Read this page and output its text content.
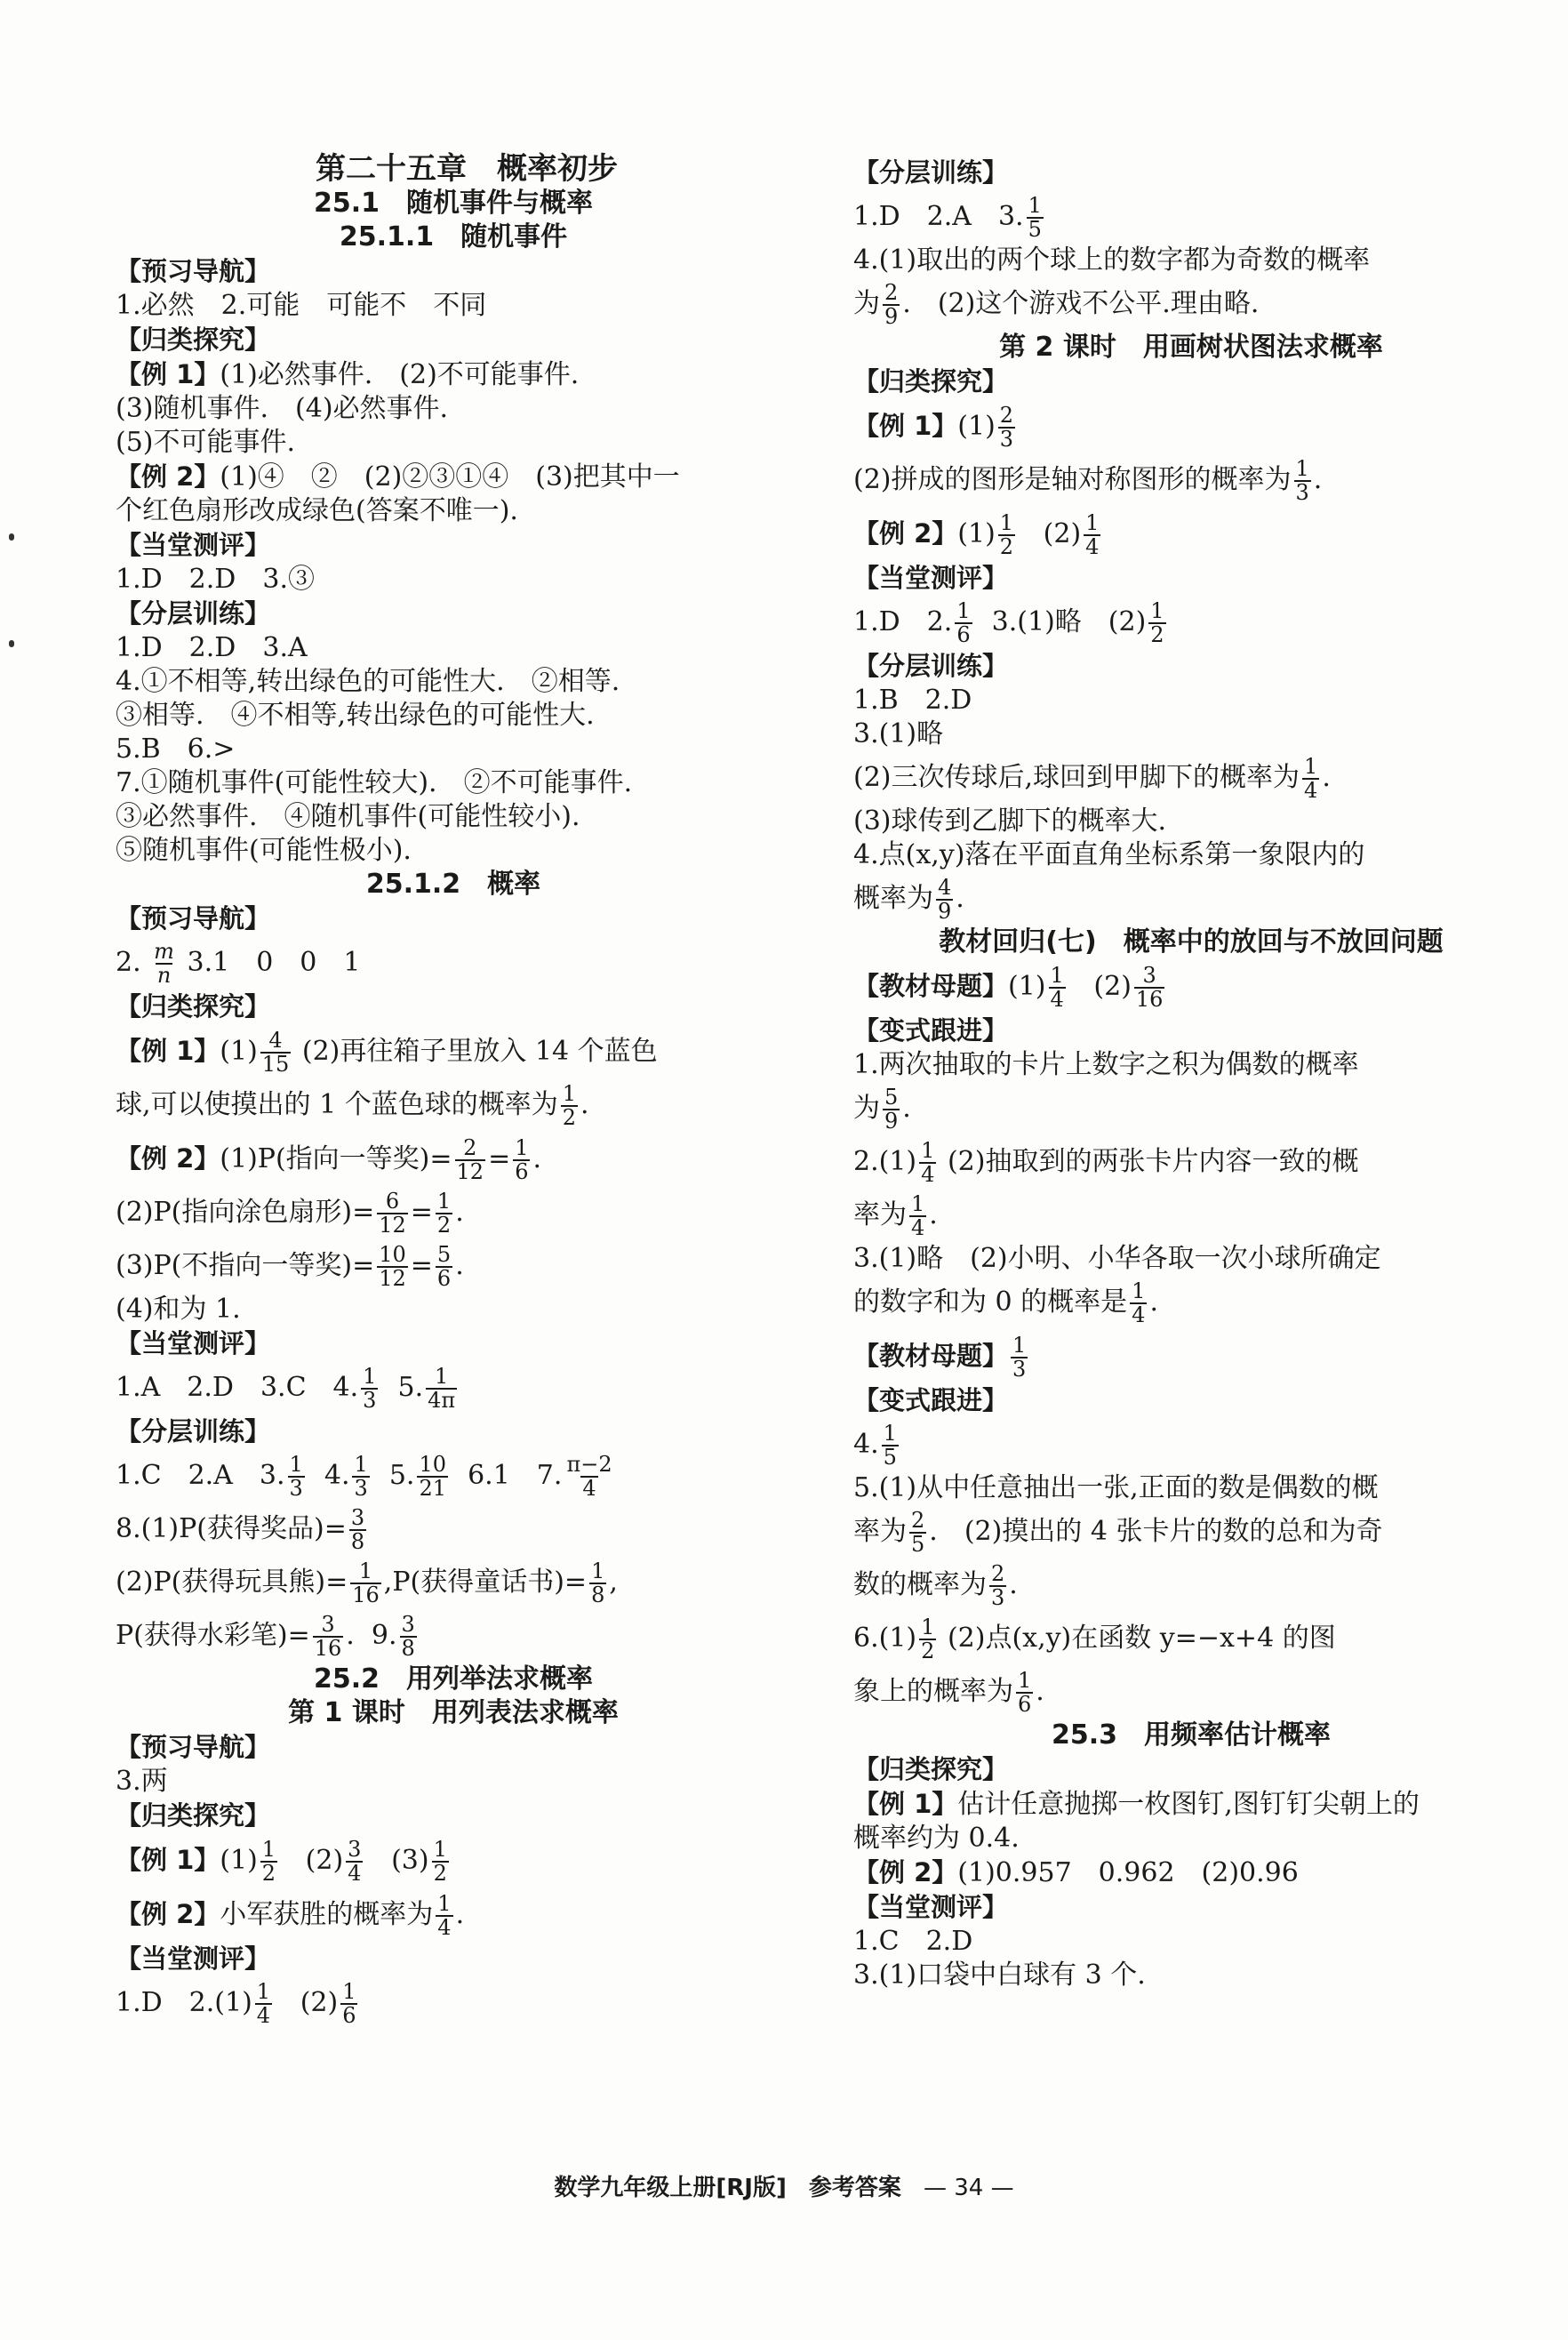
第二十五章　概率初步
25.1　随机事件与概率
25.1.1　随机事件
【预习导航】
1.必然　2.可能　可能不　不同
【归类探究】
【例 1】(1)必然事件.　(2)不可能事件.
(3)随机事件.　(4)必然事件.
(5)不可能事件.
【例 2】(1)④　②　(2)②③①④　(3)把其中一
个红色扇形改成绿色(答案不唯一).
【当堂测评】
1.D　2.D　3.③
【分层训练】
1.D　2.D　3.A
4.①不相等,转出绿色的可能性大.　②相等.
③相等.　④不相等,转出绿色的可能性大.
5.B　6.>
7.①随机事件(可能性较大).　②不可能事件.
③必然事件.　④随机事件(可能性较小).
⑤随机事件(可能性极小).
25.1.2　概率
【预习导航】
2. $\frac{m}{n} 3.1$　0　0　1
【归类探究】
【例 1】$(1) \frac{4}{15} (2)$再往箱子里放入 14 个蓝色
球,可以使摸出的 1 个蓝色球的概率为 $\frac{1}{2}$ .
【例 2】(1)P(指向一等奖)= $\frac{2}{12} = \frac{1}{6}$ .
(2)P(指向涂色扇形)= $\frac{6}{12} = \frac{1}{2}$ .
(3)P(不指向一等奖)= $\frac{10}{12} = \frac{5}{6}$ .
(4)和为 1.
【当堂测评】
1.A　2.D　3.C　4. $\frac{1}{3} 5$. $\frac{1}{4\pi}$
【分层训练】
1.C　2.A　3. $\frac{1}{3} 4$. $\frac{1}{3} 5$. $\frac{10}{21} 6.1$　7. $\frac{\pi-2}{4}$
8.(1)P(获得奖品)= $\frac{3}{8}$
(2)P(获得玩具熊)= $\frac{1}{16} ,P$(获得童话书)= $\frac{1}{8}$ ,
P(获得水彩笔)= $\frac{3}{16}$ .  9. $\frac{3}{8}$
25.2　用列举法求概率
第 1 课时　用列表法求概率
【预习导航】
3.两
【归类探究】
【例 1】$(1) \frac{1}{2} (2) \frac{3}{4} (3) \frac{1}{2}$
【例 2】小军获胜的概率为 $\frac{1}{4}$ .
【当堂测评】
1.D　$2.(1) \frac{1}{4} (2) \frac{1}{6}$
【分层训练】
1.D　2.A　3. $\frac{1}{5}$
4.(1)取出的两个球上的数字都为奇数的概率
为 $\frac{2}{9}$ .　(2)这个游戏不公平.理由略.
第 2 课时　用画树状图法求概率
【归类探究】
【例 1】$(1) \frac{2}{3}$
(2)拼成的图形是轴对称图形的概率为 $\frac{1}{3}$ .
【例 2】$(1) \frac{1}{2} (2) \frac{1}{4}$
【当堂测评】
1.D　2. $\frac{1}{6} 3.(1)$略　$(2) \frac{1}{2}$
【分层训练】
1.B　2.D
3.(1)略
(2)三次传球后,球回到甲脚下的概率为 $\frac{1}{4}$ .
(3)球传到乙脚下的概率大.
4.点(x,y)落在平面直角坐标系第一象限内的
概率为 $\frac{4}{9}$ .
教材回归(七)　概率中的放回与不放回问题
【教材母题】$(1) \frac{1}{4} (2) \frac{3}{16}$
【变式跟进】
1.两次抽取的卡片上数字之积为偶数的概率
为 $\frac{5}{9}$ .
$2.(1) \frac{1}{4} (2)$抽取到的两张卡片内容一致的概
率为 $\frac{1}{4}$ .
3.(1)略　(2)小明、小华各取一次小球所确定
的数字和为 0 的概率是 $\frac{1}{4}$ .
【教材母题】 $\frac{1}{3}$
【变式跟进】
4. $\frac{1}{5}$
5.(1)从中任意抽出一张,正面的数是偶数的概
率为 $\frac{2}{5}$ .　(2)摸出的 4 张卡片的数的总和为奇
数的概率为 $\frac{2}{3}$ .
$6.(1) \frac{1}{2} (2)$点(x,y)在函数 y=−x+4 的图
象上的概率为 $\frac{1}{6}$ .
25.3　用频率估计概率
【归类探究】
【例 1】估计任意抛掷一枚图钉,图钉钉尖朝上的
概率约为 0.4.
【例 2】(1)0.957　0.962　(2)0.96
【当堂测评】
1.C　2.D
3.(1)口袋中白球有 3 个.
数学九年级上册[RJ版] 参考答案 — 34 —
